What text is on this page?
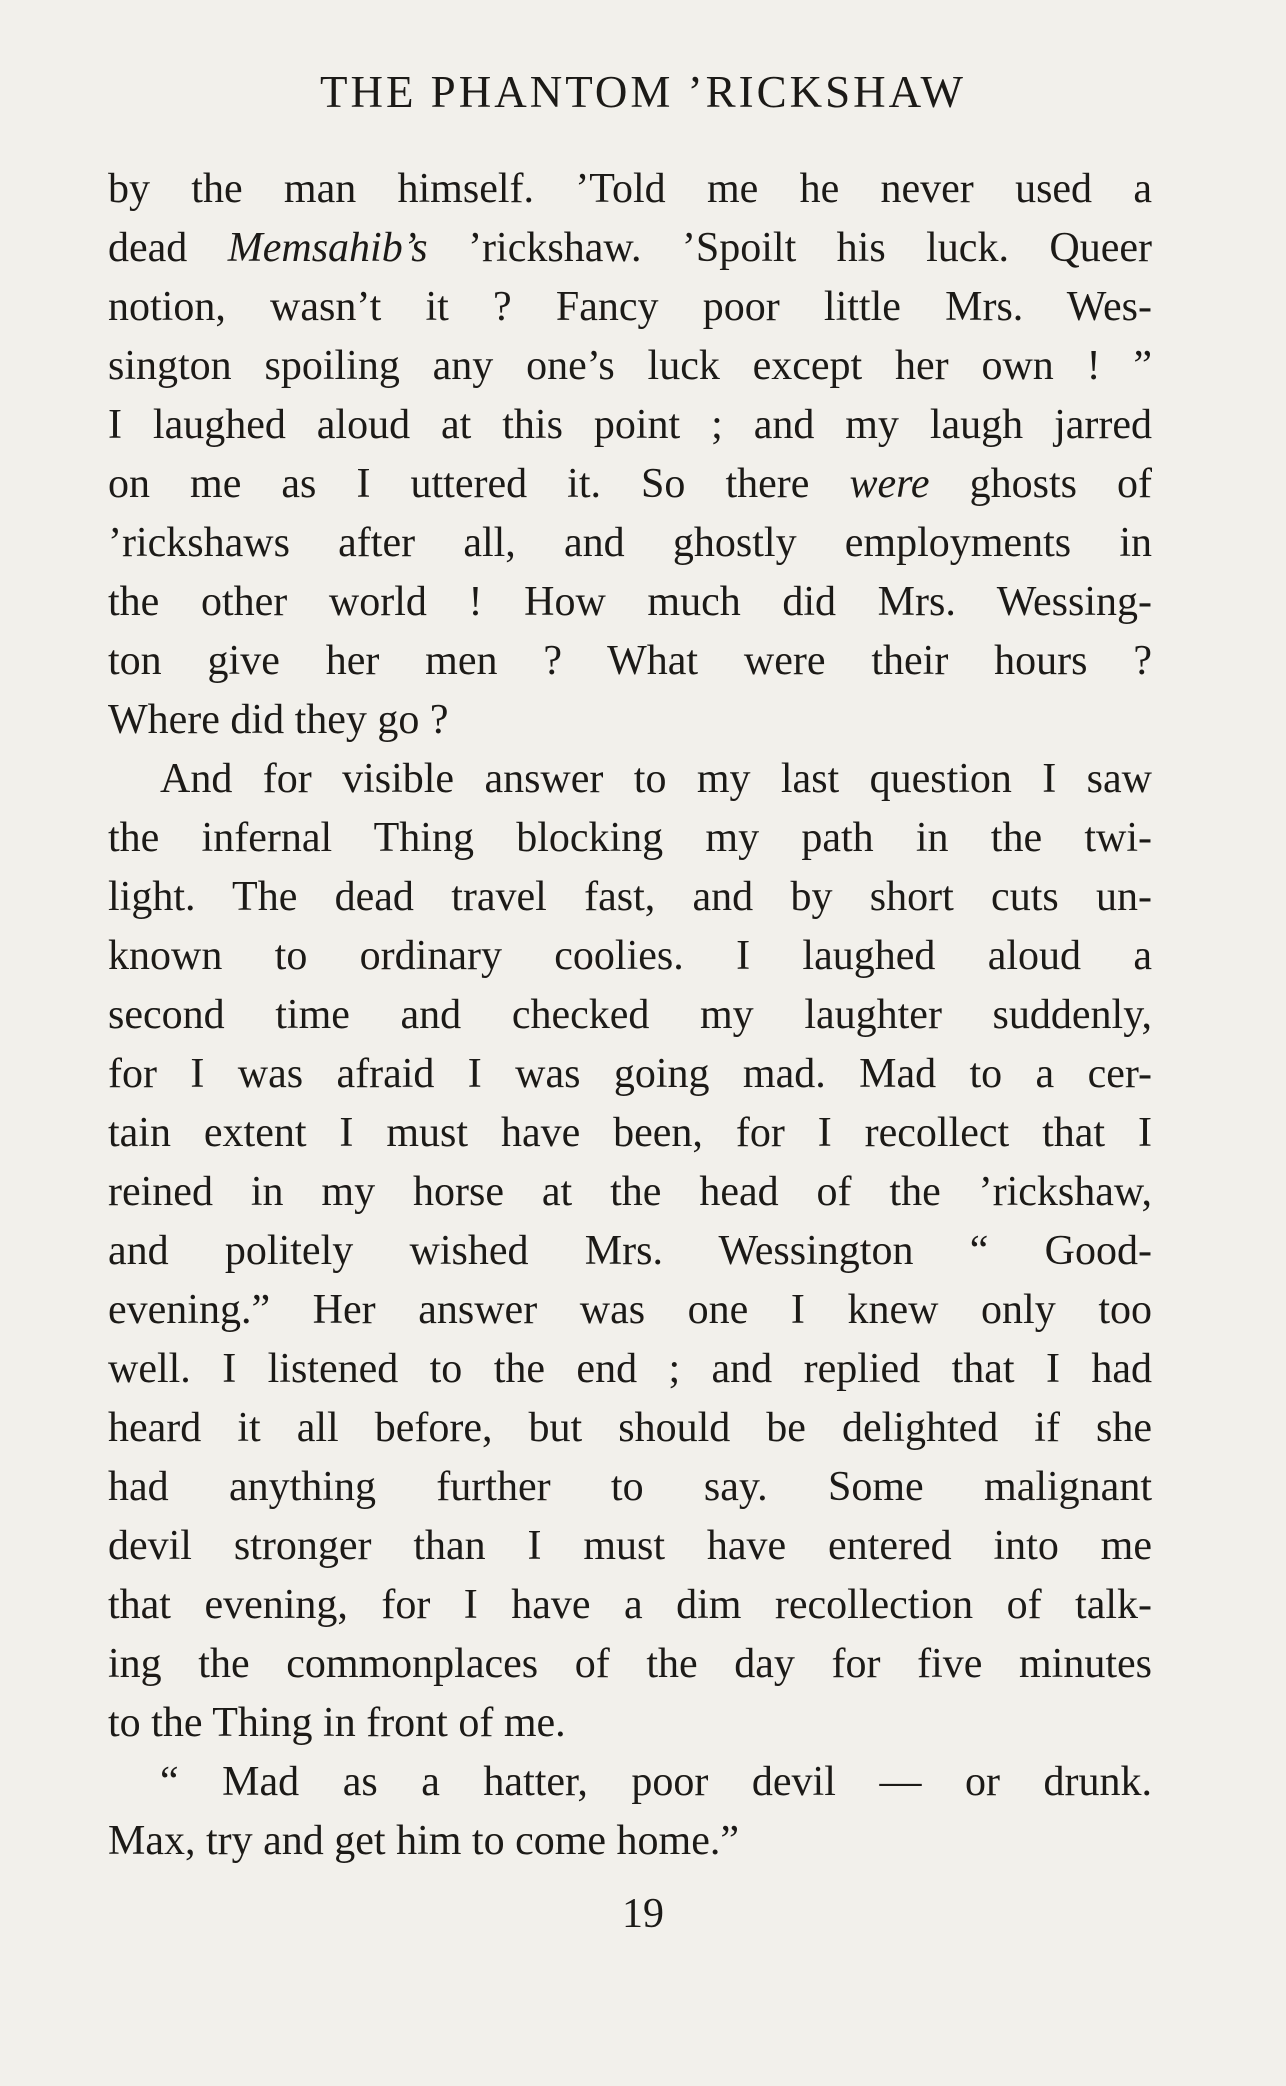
THE PHANTOM ’RICKSHAW
by the man himself. ’Told me he never used a
dead Memsahib’s ’rickshaw. ’Spoilt his luck. Queer
notion, wasn’t it ? Fancy poor little Mrs. Wes-
sington spoiling any one’s luck except her own ! ”
I laughed aloud at this point ; and my laugh jarred
on me as I uttered it. So there were ghosts of
’rickshaws after all, and ghostly employments in
the other world ! How much did Mrs. Wessing-
ton give her men ? What were their hours ?
Where did they go ?
And for visible answer to my last question I saw
the infernal Thing blocking my path in the twi-
light. The dead travel fast, and by short cuts un-
known to ordinary coolies. I laughed aloud a
second time and checked my laughter suddenly,
for I was afraid I was going mad. Mad to a cer-
tain extent I must have been, for I recollect that I
reined in my horse at the head of the ’rickshaw,
and politely wished Mrs. Wessington “ Good-
evening.” Her answer was one I knew only too
well. I listened to the end ; and replied that I had
heard it all before, but should be delighted if she
had anything further to say. Some malignant
devil stronger than I must have entered into me
that evening, for I have a dim recollection of talk-
ing the commonplaces of the day for five minutes
to the Thing in front of me.
“ Mad as a hatter, poor devil — or drunk.
Max, try and get him to come home.”
19
